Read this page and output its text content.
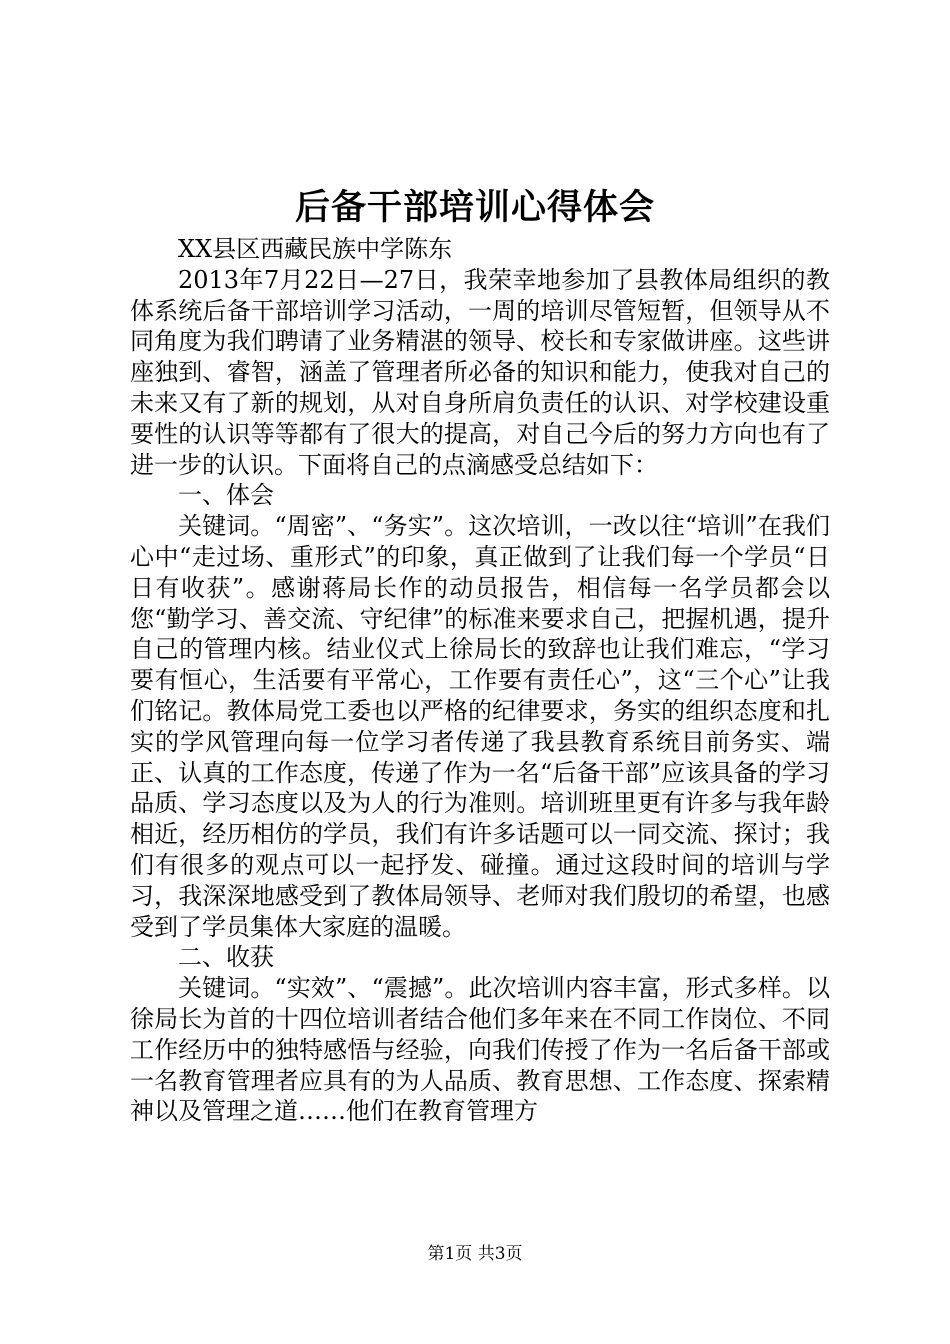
后备干部培训心得体会

XX县区西藏民族中学陈东

2013年7月22日—27日，我荣幸地参加了县教体局组织的教体系统后备干部培训学习活动，一周的培训尽管短暂，但领导从不同角度为我们聘请了业务精湛的领导、校长和专家做讲座。这些讲座独到、睿智，涵盖了管理者所必备的知识和能力，使我对自己的未来又有了新的规划，从对自身所肩负责任的认识、对学校建设重要性的认识等等都有了很大的提高，对自己今后的努力方向也有了进一步的认识。下面将自己的点滴感受总结如下：

一、体会

关键词。“周密”、“务实”。这次培训，一改以往“培训”在我们心中“走过场、重形式”的印象，真正做到了让我们每一个学员“日日有收获”。感谢蒋局长作的动员报告，相信每一名学员都会以您“勤学习、善交流、守纪律”的标准来要求自己，把握机遇，提升自己的管理内核。结业仪式上徐局长的致辞也让我们难忘，“学习要有恒心，生活要有平常心，工作要有责任心”，这“三个心”让我们铭记。教体局党工委也以严格的纪律要求，务实的组织态度和扎实的学风管理向每一位学习者传递了我县教育系统目前务实、端正、认真的工作态度，传递了作为一名“后备干部”应该具备的学习品质、学习态度以及为人的行为准则。培训班里更有许多与我年龄相近，经历相仿的学员，我们有许多话题可以一同交流、探讨；我们有很多的观点可以一起抒发、碰撞。通过这段时间的培训与学习，我深深地感受到了教体局领导、老师对我们殷切的希望，也感受到了学员集体大家庭的温暖。

二、收获

关键词。“实效”、“震撼”。此次培训内容丰富，形式多样。以徐局长为首的十四位培训者结合他们多年来在不同工作岗位、不同工作经历中的独特感悟与经验，向我们传授了作为一名后备干部或一名教育管理者应具有的为人品质、教育思想、工作态度、探索精神以及管理之道……他们在教育管理方

第1页 共3页
